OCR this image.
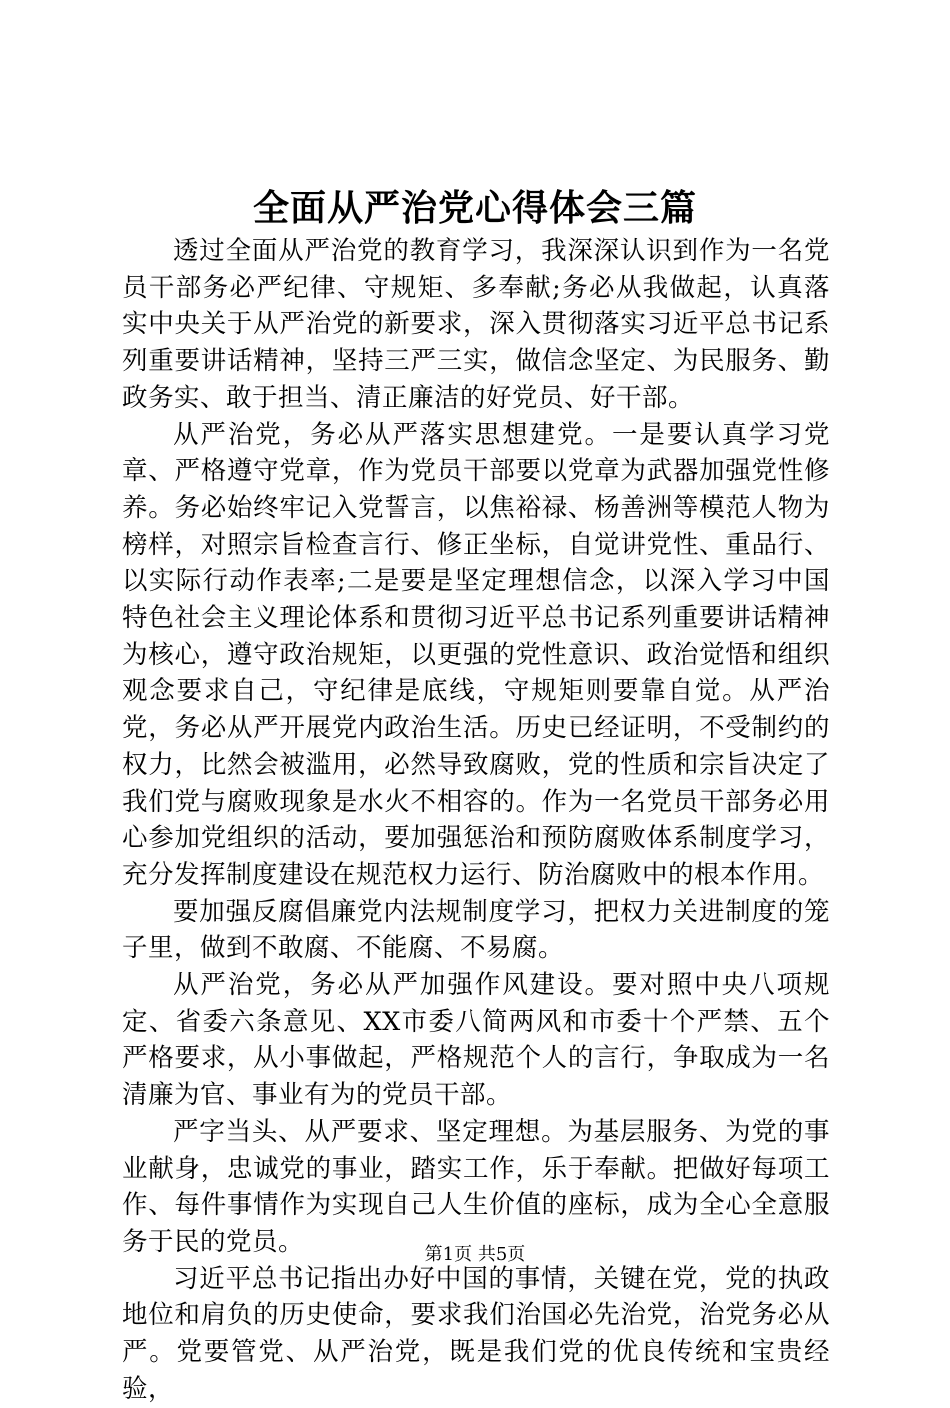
全面从严治党心得体会三篇

透过全面从严治党的教育学习，我深深认识到作为一名党员干部务必严纪律、守规矩、多奉献;务必从我做起，认真落实中央关于从严治党的新要求，深入贯彻落实习近平总书记系列重要讲话精神，坚持三严三实，做信念坚定、为民服务、勤政务实、敢于担当、清正廉洁的好党员、好干部。

从严治党，务必从严落实思想建党。一是要认真学习党章、严格遵守党章，作为党员干部要以党章为武器加强党性修养。务必始终牢记入党誓言，以焦裕禄、杨善洲等模范人物为榜样，对照宗旨检查言行、修正坐标，自觉讲党性、重品行、以实际行动作表率;二是要是坚定理想信念，以深入学习中国特色社会主义理论体系和贯彻习近平总书记系列重要讲话精神为核心，遵守政治规矩，以更强的党性意识、政治觉悟和组织观念要求自己，守纪律是底线，守规矩则要靠自觉。从严治党，务必从严开展党内政治生活。历史已经证明，不受制约的权力，比然会被滥用，必然导致腐败，党的性质和宗旨决定了我们党与腐败现象是水火不相容的。作为一名党员干部务必用心参加党组织的活动，要加强惩治和预防腐败体系制度学习，充分发挥制度建设在规范权力运行、防治腐败中的根本作用。

要加强反腐倡廉党内法规制度学习，把权力关进制度的笼子里，做到不敢腐、不能腐、不易腐。

从严治党，务必从严加强作风建设。要对照中央八项规定、省委六条意见、XX市委八简两风和市委十个严禁、五个严格要求，从小事做起，严格规范个人的言行，争取成为一名清廉为官、事业有为的党员干部。

严字当头、从严要求、坚定理想。为基层服务、为党的事业献身，忠诚党的事业，踏实工作，乐于奉献。把做好每项工作、每件事情作为实现自己人生价值的座标，成为全心全意服务于民的党员。

习近平总书记指出办好中国的事情，关键在党，党的执政地位和肩负的历史使命，要求我们治国必先治党，治党务必从严。党要管党、从严治党，既是我们党的优良传统和宝贵经验，

第1页 共5页
